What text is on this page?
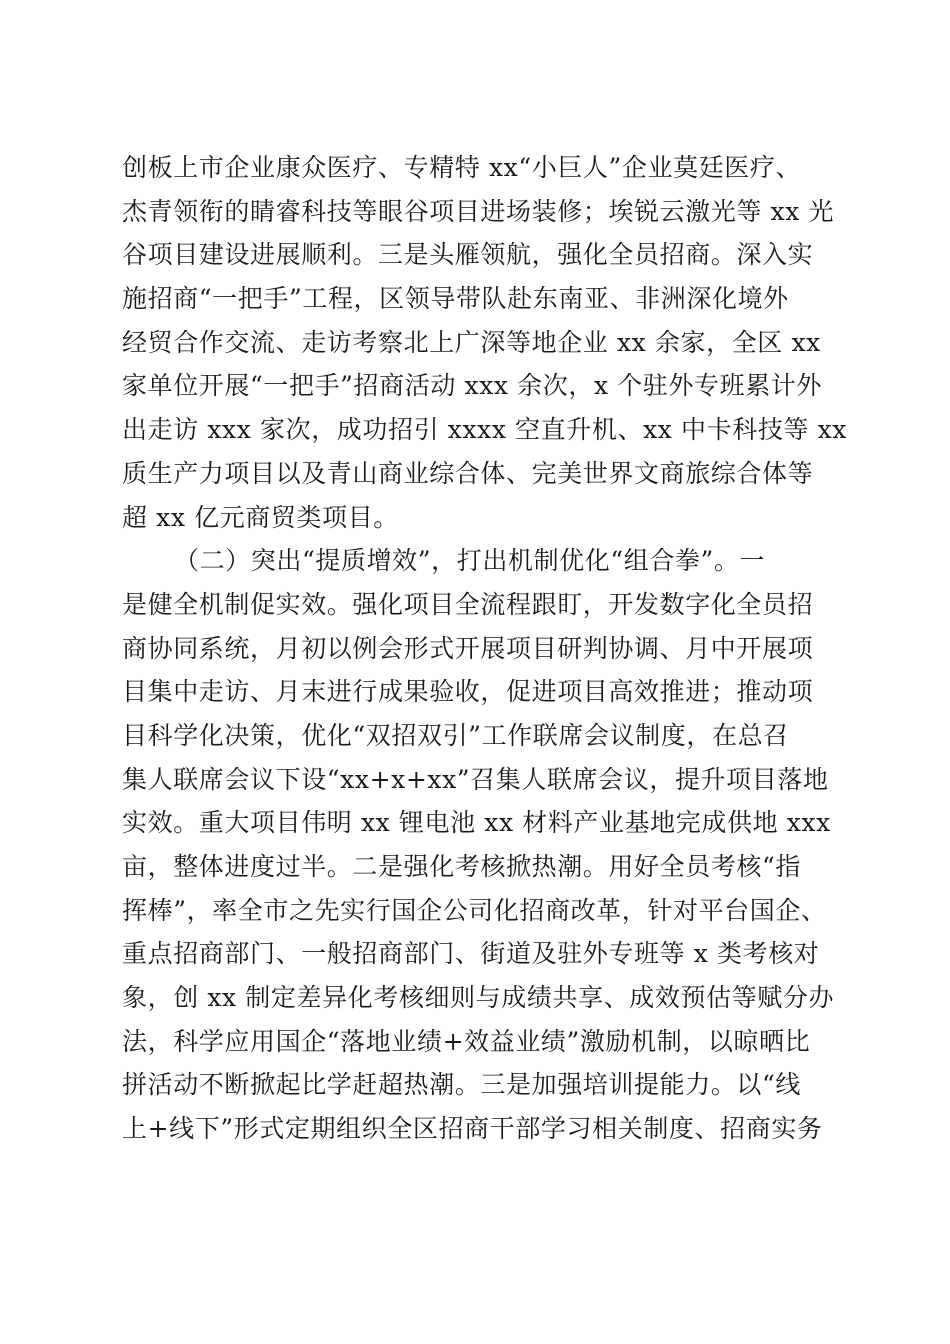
创板上市企业康众医疗、专精特 xx“小巨人”企业莫廷医疗、
杰青领衔的睛睿科技等眼谷项目进场装修；埃锐云激光等 xx 光
谷项目建设进展顺利。三是头雁领航，强化全员招商。深入实
施招商“一把手”工程，区领导带队赴东南亚、非洲深化境外
经贸合作交流、走访考察北上广深等地企业 xx 余家，全区 xx
家单位开展“一把手”招商活动 xxx 余次，x 个驻外专班累计外
出走访 xxx 家次，成功招引 xxxx 空直升机、xx 中卡科技等 xx
质生产力项目以及青山商业综合体、完美世界文商旅综合体等
超 xx 亿元商贸类项目。
（二）突出“提质增效”，打出机制优化“组合拳”。一
是健全机制促实效。强化项目全流程跟盯，开发数字化全员招
商协同系统，月初以例会形式开展项目研判协调、月中开展项
目集中走访、月末进行成果验收，促进项目高效推进；推动项
目科学化决策，优化“双招双引”工作联席会议制度，在总召
集人联席会议下设“xx+x+xx”召集人联席会议，提升项目落地
实效。重大项目伟明 xx 锂电池 xx 材料产业基地完成供地 xxx
亩，整体进度过半。二是强化考核掀热潮。用好全员考核“指
挥棒”，率全市之先实行国企公司化招商改革，针对平台国企、
重点招商部门、一般招商部门、街道及驻外专班等 x 类考核对
象，创 xx 制定差异化考核细则与成绩共享、成效预估等赋分办
法，科学应用国企“落地业绩+效益业绩”激励机制，以晾晒比
拼活动不断掀起比学赶超热潮。三是加强培训提能力。以“线
上+线下”形式定期组织全区招商干部学习相关制度、招商实务
